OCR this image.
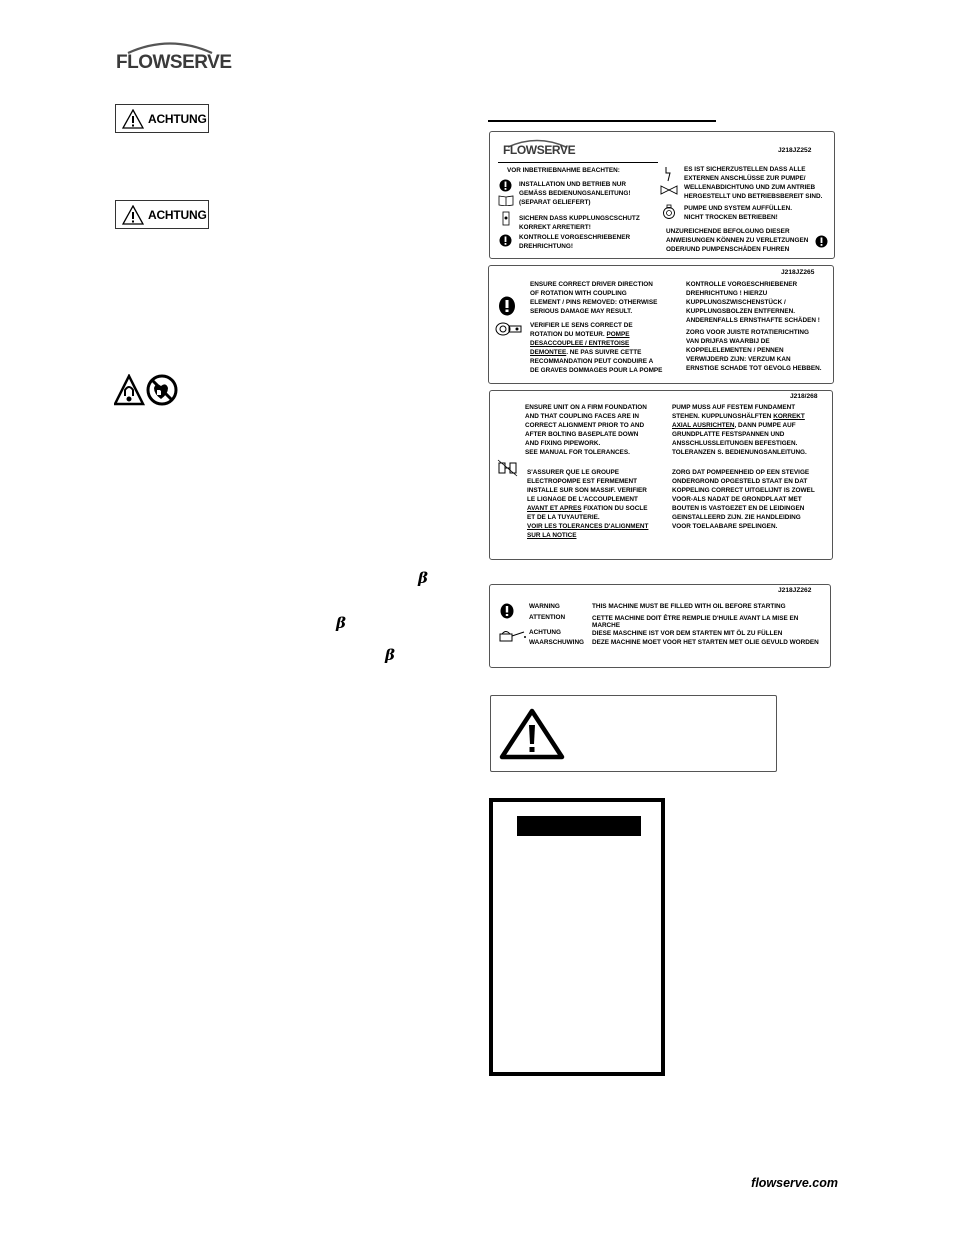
FLOWSERVE
ACHTUNG
ACHTUNG
β
β
β
FLOWSERVE	J218JZ252
VOR INBETRIEBNAHME BEACHTEN:
INSTALLATION UND BETRIEB NUR
GEMÄSS BEDIENUNGSANLEITUNG!
(SEPARAT GELIEFERT)
SICHERN DASS KUPPLUNGSCSCHUTZ
KORREKT ARRETIERT!
KONTROLLE VORGESCHRIEBENER
DREHRICHTUNG!
ES IST SICHERZUSTELLEN DASS ALLE
EXTERNEN ANSCHLÜSSE ZUR PUMPE/
WELLENABDICHTUNG UND ZUM ANTRIEB
HERGESTELLT UND BETRIEBSBEREIT SIND.
PUMPE UND SYSTEM AUFFÜLLEN.
NICHT TROCKEN BETRIEBEN!
UNZUREICHENDE BEFOLGUNG DIESER
ANWEISUNGEN KÖNNEN ZU VERLETZUNGEN
ODER/UND PUMPENSCHÄDEN FUHREN
J218JZ265
ENSURE CORRECT DRIVER DIRECTION
OF ROTATION WITH COUPLING
ELEMENT / PINS REMOVED: OTHERWISE
SERIOUS DAMAGE MAY RESULT.
VERIFIER LE SENS CORRECT DE
ROTATION DU MOTEUR. POMPE
DESACCOUPLEE / ENTRETOISE
DEMONTEE. NE PAS SUIVRE CETTE
RECOMMANDATION PEUT CONDUIRE A
DE GRAVES DOMMAGES POUR LA POMPE
KONTROLLE VORGESCHRIEBENER
DREHRICHTUNG ! HIERZU
KUPPLUNGSZWISCHENSTÜCK /
KUPPLUNGSBOLZEN ENTFERNEN.
ANDERENFALLS ERNSTHAFTE SCHÄDEN !
ZORG VOOR JUISTE ROTATIERICHTING
VAN DRIJFAS WAARBIJ DE
KOPPELELEMENTEN / PENNEN
VERWIJDERD ZIJN: VERZUM KAN
ERNSTIGE SCHADE TOT GEVOLG HEBBEN.
J218/268
ENSURE UNIT ON A FIRM FOUNDATION
AND THAT COUPLING FACES ARE IN
CORRECT ALIGNMENT PRIOR TO AND
AFTER BOLTING BASEPLATE DOWN
AND FIXING PIPEWORK.
SEE MANUAL FOR TOLERANCES.
S'ASSURER QUE LE GROUPE
ELECTROPOMPE EST FERMEMENT
INSTALLE SUR SON MASSIF. VERIFIER
LE LIGNAGE DE L'ACCOUPLEMENT
AVANT ET APRES FIXATION DU SOCLE
ET DE LA TUYAUTERIE.
VOIR LES TOLERANCES D'ALIGNMENT
SUR LA NOTICE
PUMP MUSS AUF FESTEM FUNDAMENT
STEHEN. KUPPLUNGSHÄLFTEN KORREKT
AXIAL AUSRICHTEN, DANN PUMPE AUF
GRUNDPLATTE FESTSPANNEN UND
ANSSCHLUSSLEITUNGEN BEFESTIGEN.
TOLERANZEN S. BEDIENUNGSANLEITUNG.
ZORG DAT POMPEENHEID OP EEN STEVIGE
ONDERGROND OPGESTELD STAAT EN DAT
KOPPELING CORRECT UITGELIJNT IS ZOWEL
VOOR-ALS NADAT DE GRONDPLAAT MET
BOUTEN IS VASTGEZET EN DE LEIDINGEN
GEINSTALLEERD ZIJN. ZIE HANDLEIDING
VOOR TOELAABARE SPELINGEN.
J218JZ262
WARNING	THIS MACHINE MUST BE FILLED WITH OIL BEFORE STARTING
ATTENTION	CETTE MACHINE DOIT ÊTRE REMPLIE D'HUILE AVANT LA MISE EN
MARCHE
ACHTUNG	DIESE MASCHINE IST VOR DEM STARTEN MIT ÖL ZU FÜLLEN
WAARSCHUWING DEZE MACHINE MOET VOOR HET STARTEN MET OLIE GEVULD WORDEN
flowserve.com
